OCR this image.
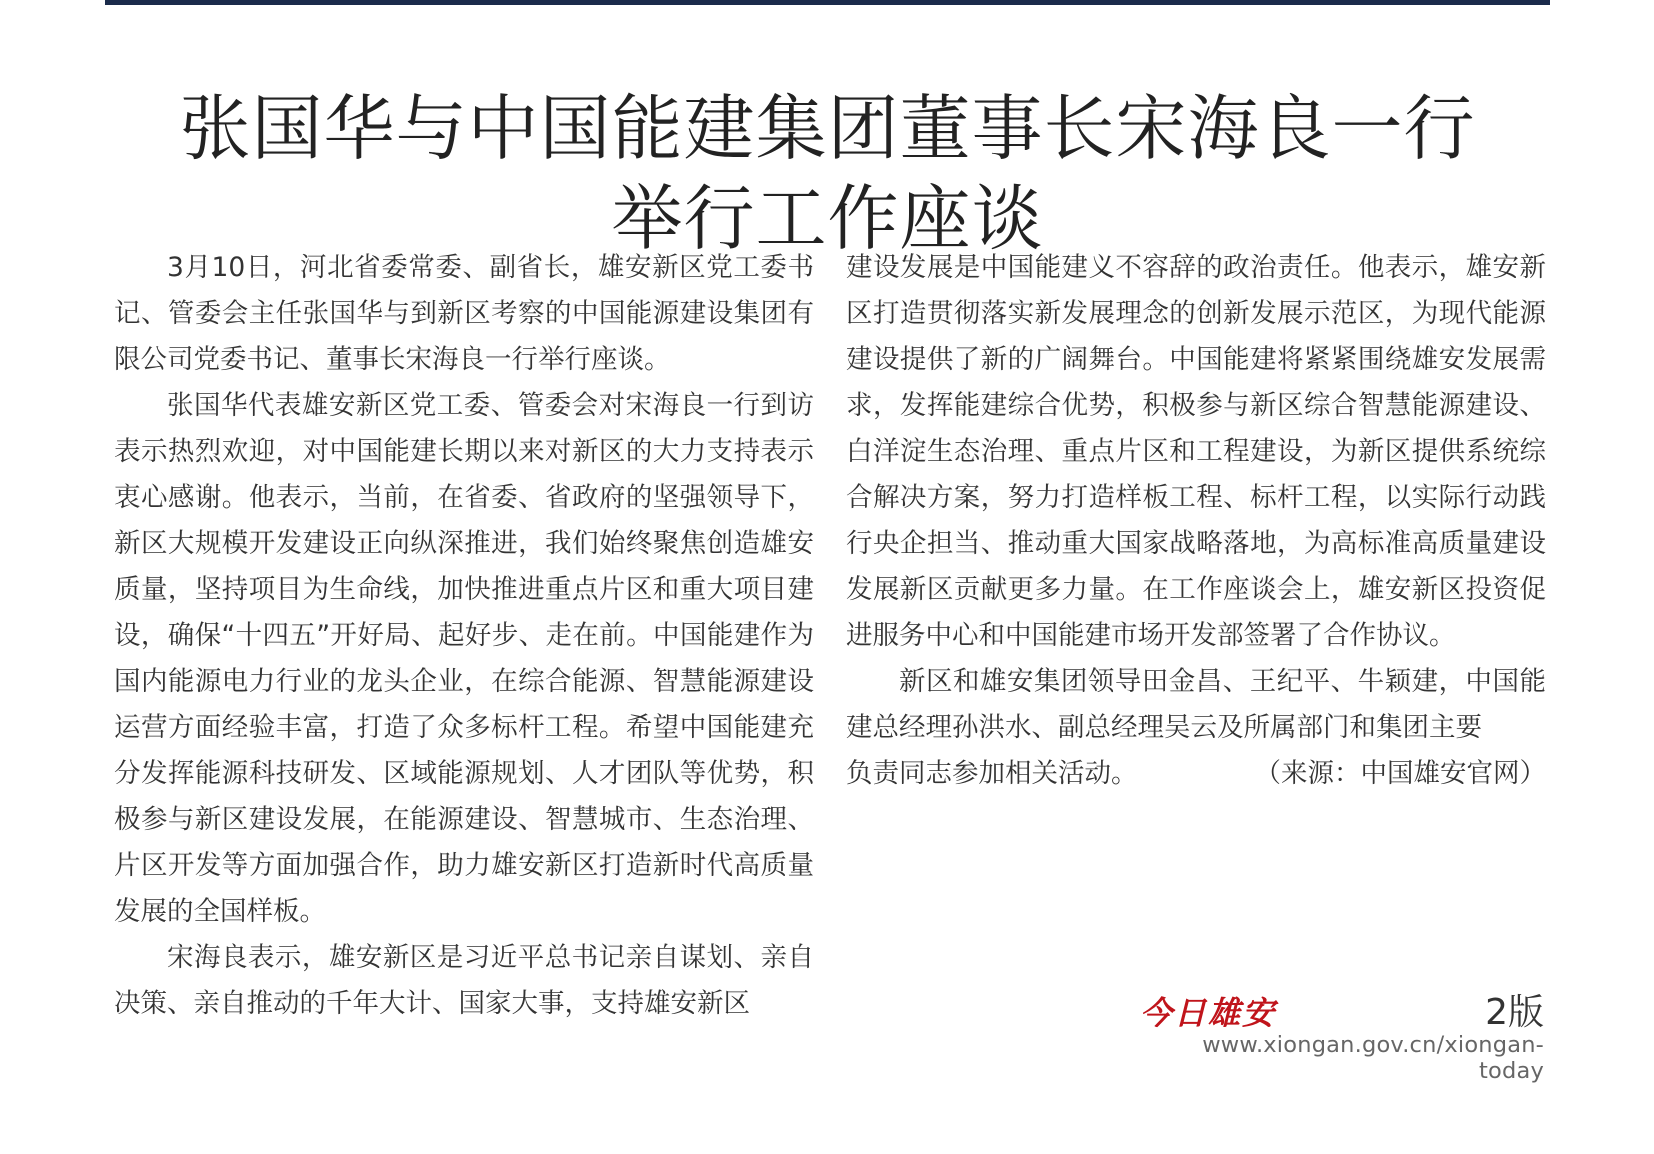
张国华与中国能建集团董事长宋海良一行
举行工作座谈

3月10日，河北省委常委、副省长，雄安新区党工委书记、管委会主任张国华与到新区考察的中国能源建设集团有限公司党委书记、董事长宋海良一行举行座谈。

张国华代表雄安新区党工委、管委会对宋海良一行到访表示热烈欢迎，对中国能建长期以来对新区的大力支持表示衷心感谢。他表示，当前，在省委、省政府的坚强领导下，新区大规模开发建设正向纵深推进，我们始终聚焦创造雄安质量，坚持项目为生命线，加快推进重点片区和重大项目建设，确保“十四五”开好局、起好步、走在前。中国能建作为国内能源电力行业的龙头企业，在综合能源、智慧能源建设运营方面经验丰富，打造了众多标杆工程。希望中国能建充分发挥能源科技研发、区域能源规划、人才团队等优势，积极参与新区建设发展，在能源建设、智慧城市、生态治理、片区开发等方面加强合作，助力雄安新区打造新时代高质量发展的全国样板。

宋海良表示，雄安新区是习近平总书记亲自谋划、亲自决策、亲自推动的千年大计、国家大事，支持雄安新区

建设发展是中国能建义不容辞的政治责任。他表示，雄安新区打造贯彻落实新发展理念的创新发展示范区，为现代能源建设提供了新的广阔舞台。中国能建将紧紧围绕雄安发展需求，发挥能建综合优势，积极参与新区综合智慧能源建设、白洋淀生态治理、重点片区和工程建设，为新区提供系统综合解决方案，努力打造样板工程、标杆工程，以实际行动践行央企担当、推动重大国家战略落地，为高标准高质量建设发展新区贡献更多力量。在工作座谈会上，雄安新区投资促进服务中心和中国能建市场开发部签署了合作协议。

新区和雄安集团领导田金昌、王纪平、牛颖建，中国能建总经理孙洪水、副总经理吴云及所属部门和集团主要

负责同志参加相关活动。	（来源：中国雄安官网）

今日雄安	2版
www.xiongan.gov.cn/xiongan-today
